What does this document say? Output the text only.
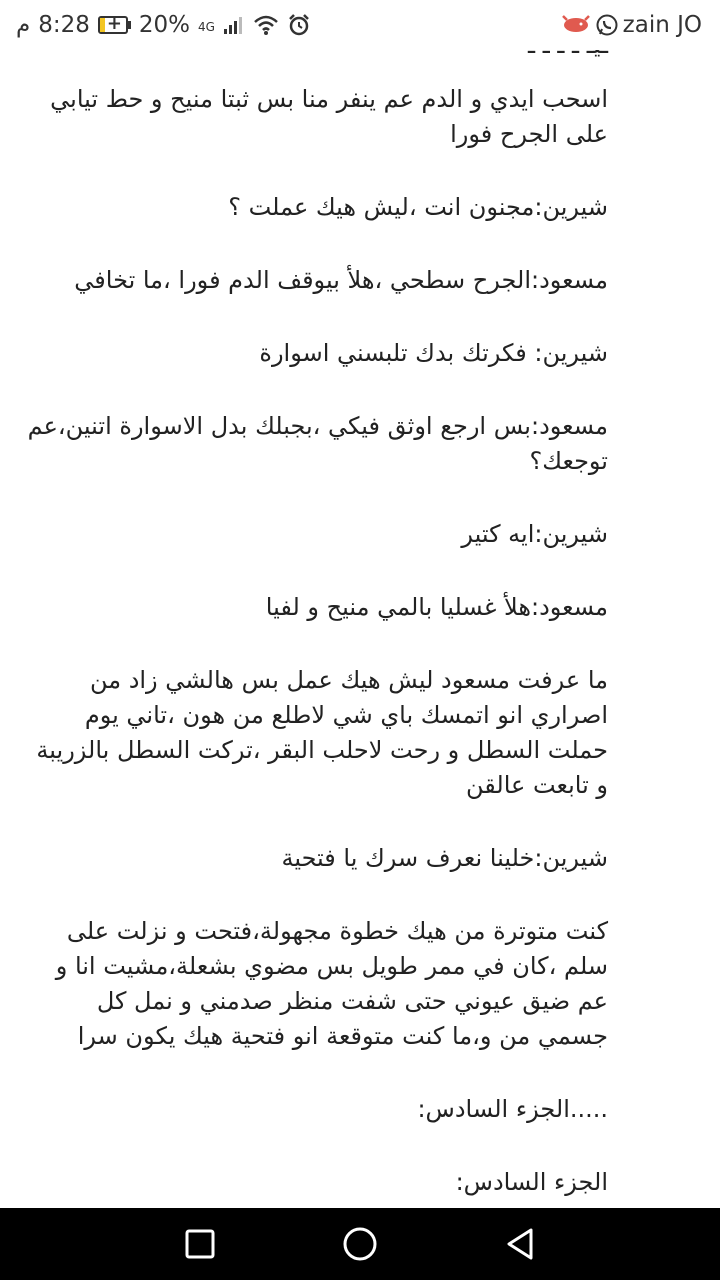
م 8:28 + 20% 4G	zain JO

اسحب ايدي و الدم عم ينفر منا بس ثبتا منيح و حط تيابي على الجرح فورا

شيرين:مجنون انت ،ليش هيك عملت ؟

مسعود:الجرح سطحي ،هلأ بيوقف الدم فورا ،ما تخافي

شيرين: فكرتك بدك تلبسني اسوارة

مسعود:بس ارجع اوثق فيكي ،بجبلك بدل الاسوارة اتنين،عم توجعك؟

شيرين:ايه كتير

مسعود:هلأ غسليا بالمي منيح و لفيا

ما عرفت مسعود ليش هيك عمل بس هالشي زاد من اصراري انو اتمسك باي شي لاطلع من هون ،تاني يوم حملت السطل و رحت لاحلب البقر ،تركت السطل بالزريبة و تابعت عالقن

شيرين:خلينا نعرف سرك يا فتحية

كنت متوترة من هيك خطوة مجهولة،فتحت و نزلت على سلم ،كان في ممر طويل بس مضوي بشعلة،مشيت انا و عم ضيق عيوني حتى شفت منظر صدمني و نمل كل جسمي من و،ما كنت متوقعة انو فتحية هيك يكون سرا

.....الجزء السادس:

الجزء السادس:
